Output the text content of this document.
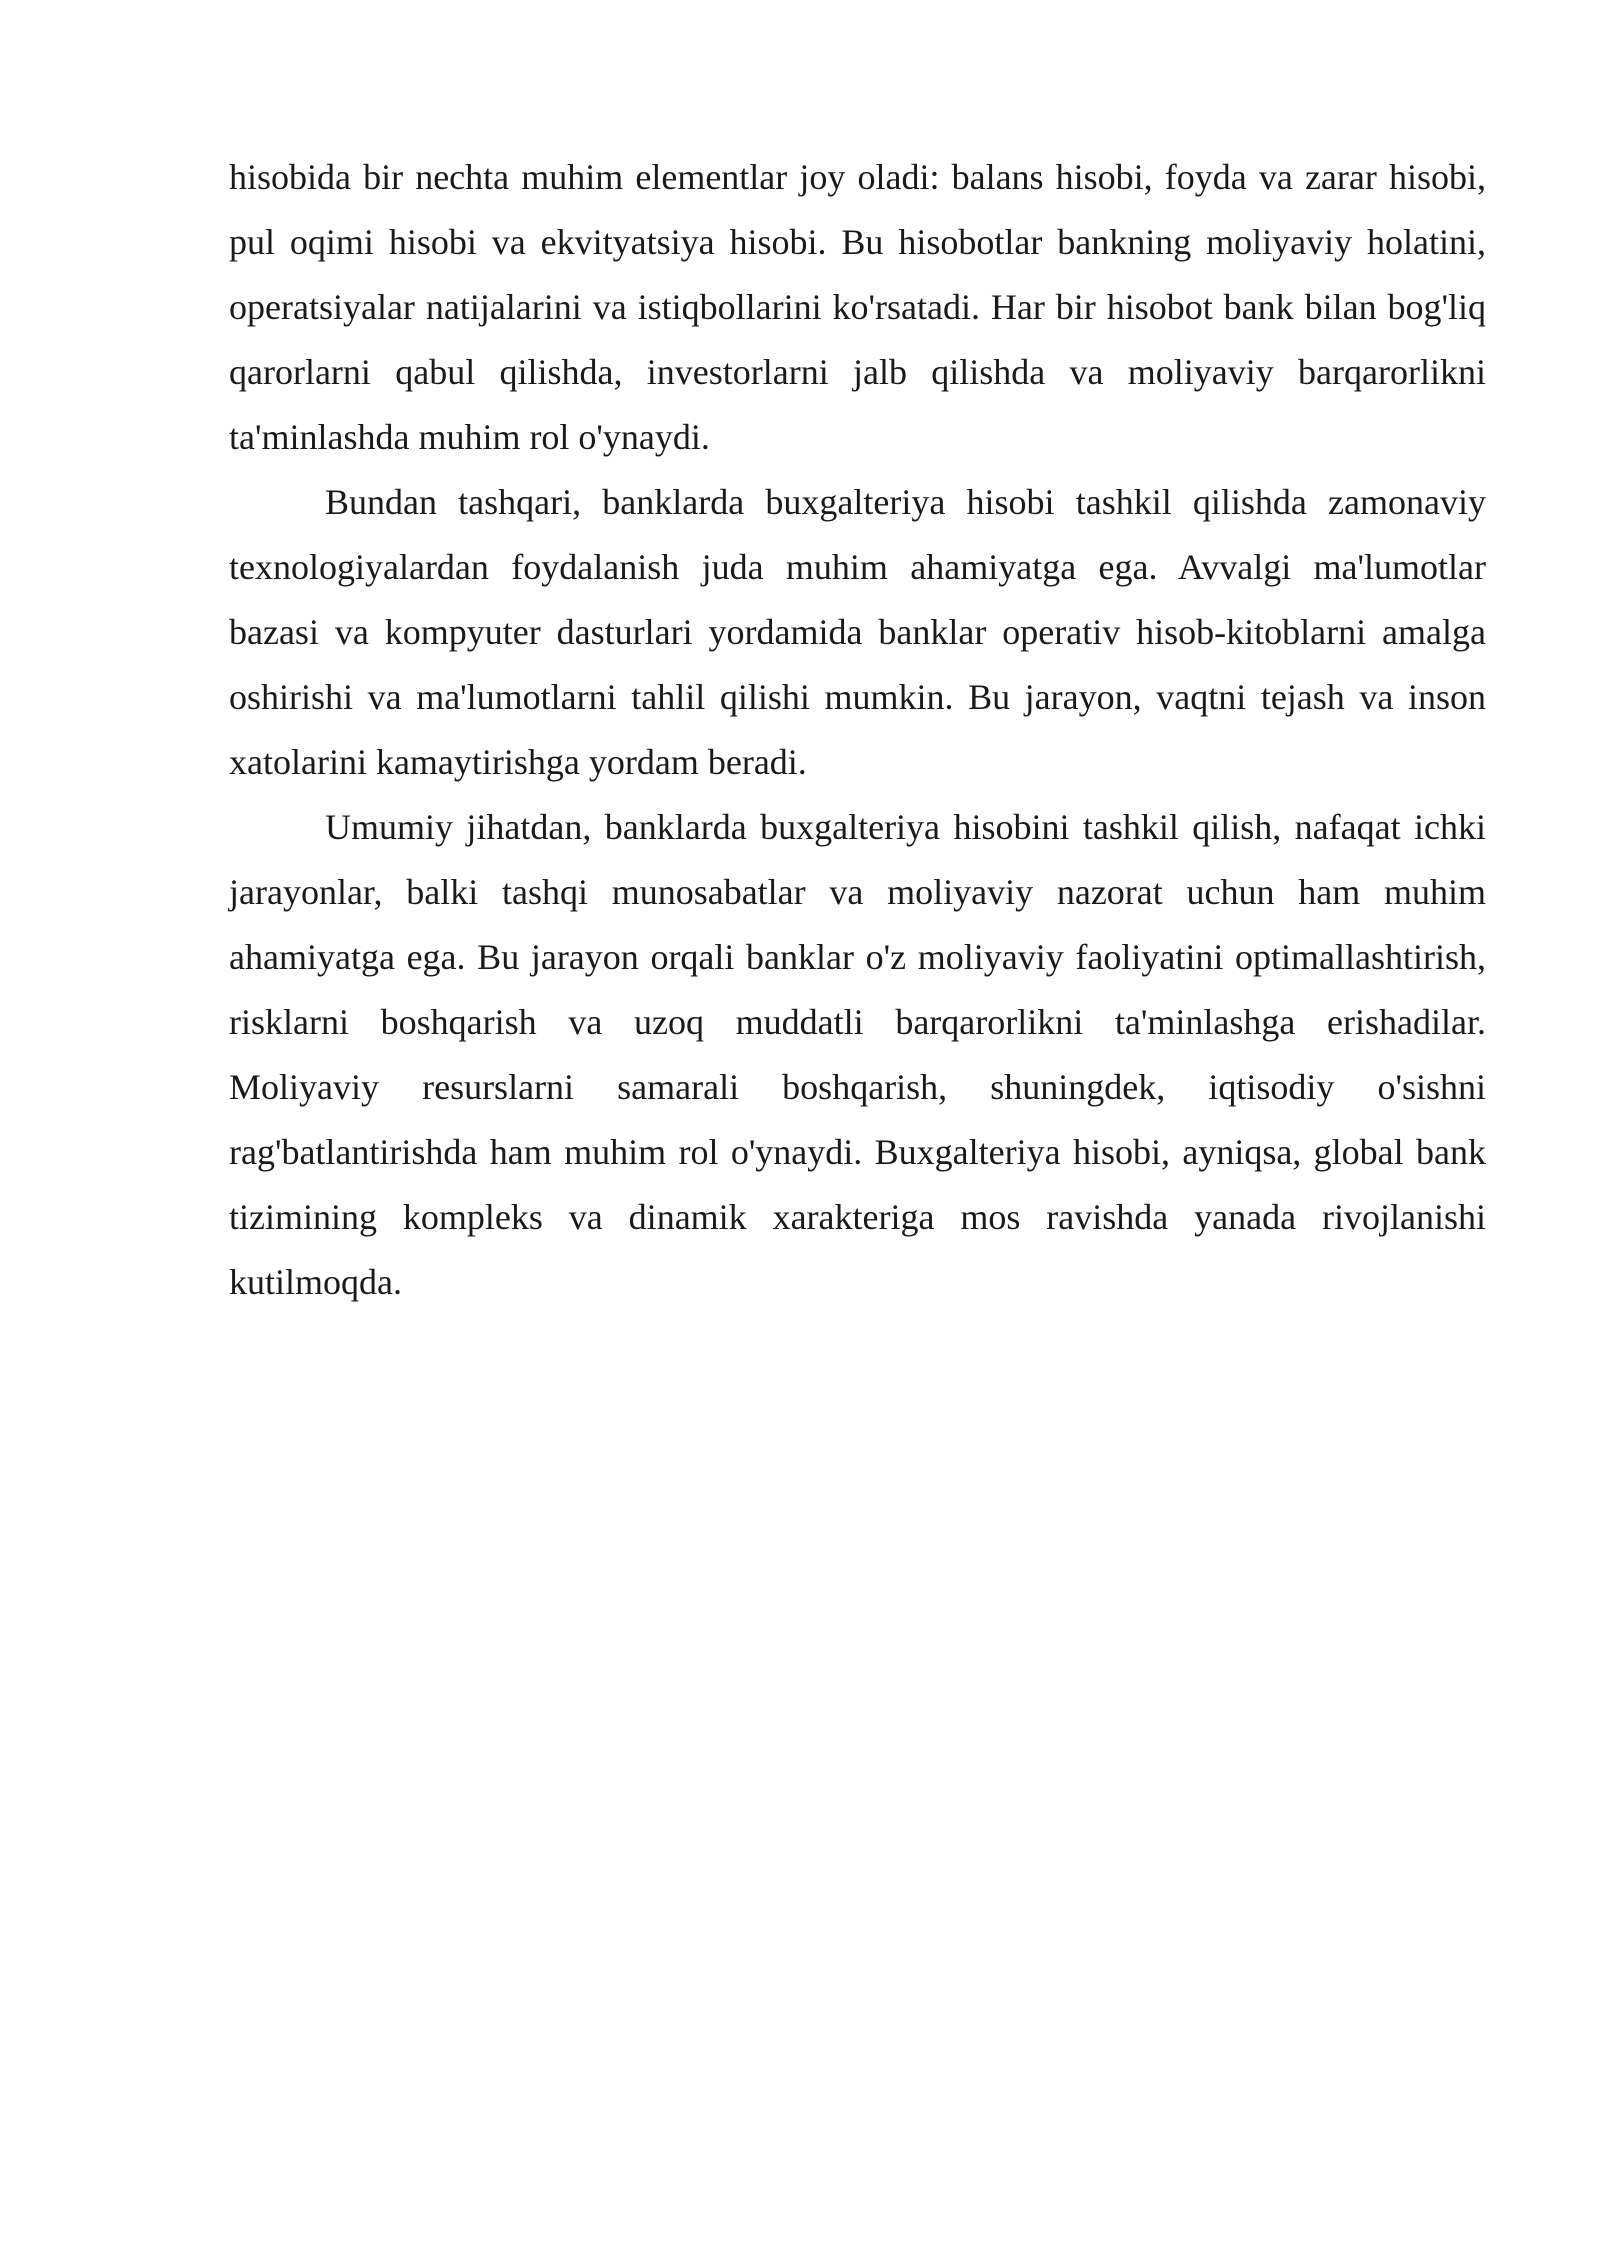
hisobida bir nechta muhim elementlar joy oladi: balans hisobi, foyda va zarar hisobi, pul oqimi hisobi va ekvityatsiya hisobi. Bu hisobotlar bankning moliyaviy holatini, operatsiyalar natijalarini va istiqbollarini ko'rsatadi. Har bir hisobot bank bilan bog'liq qarorlarni qabul qilishda, investorlarni jalb qilishda va moliyaviy barqarorlikni ta'minlashda muhim rol o'ynaydi.

Bundan tashqari, banklarda buxgalteriya hisobi tashkil qilishda zamonaviy texnologiyalardan foydalanish juda muhim ahamiyatga ega. Avvalgi ma'lumotlar bazasi va kompyuter dasturlari yordamida banklar operativ hisob-kitoblarni amalga oshirishi va ma'lumotlarni tahlil qilishi mumkin. Bu jarayon, vaqtni tejash va inson xatolarini kamaytirishga yordam beradi.

Umumiy jihatdan, banklarda buxgalteriya hisobini tashkil qilish, nafaqat ichki jarayonlar, balki tashqi munosabatlar va moliyaviy nazorat uchun ham muhim ahamiyatga ega. Bu jarayon orqali banklar o'z moliyaviy faoliyatini optimallashtirish, risklarni boshqarish va uzoq muddatli barqarorlikni ta'minlashga erishadilar. Moliyaviy resurslarni samarali boshqarish, shuningdek, iqtisodiy o'sishni rag'batlantirishda ham muhim rol o'ynaydi. Buxgalteriya hisobi, ayniqsa, global bank tizimining kompleks va dinamik xarakteriga mos ravishda yanada rivojlanishi kutilmoqda.
